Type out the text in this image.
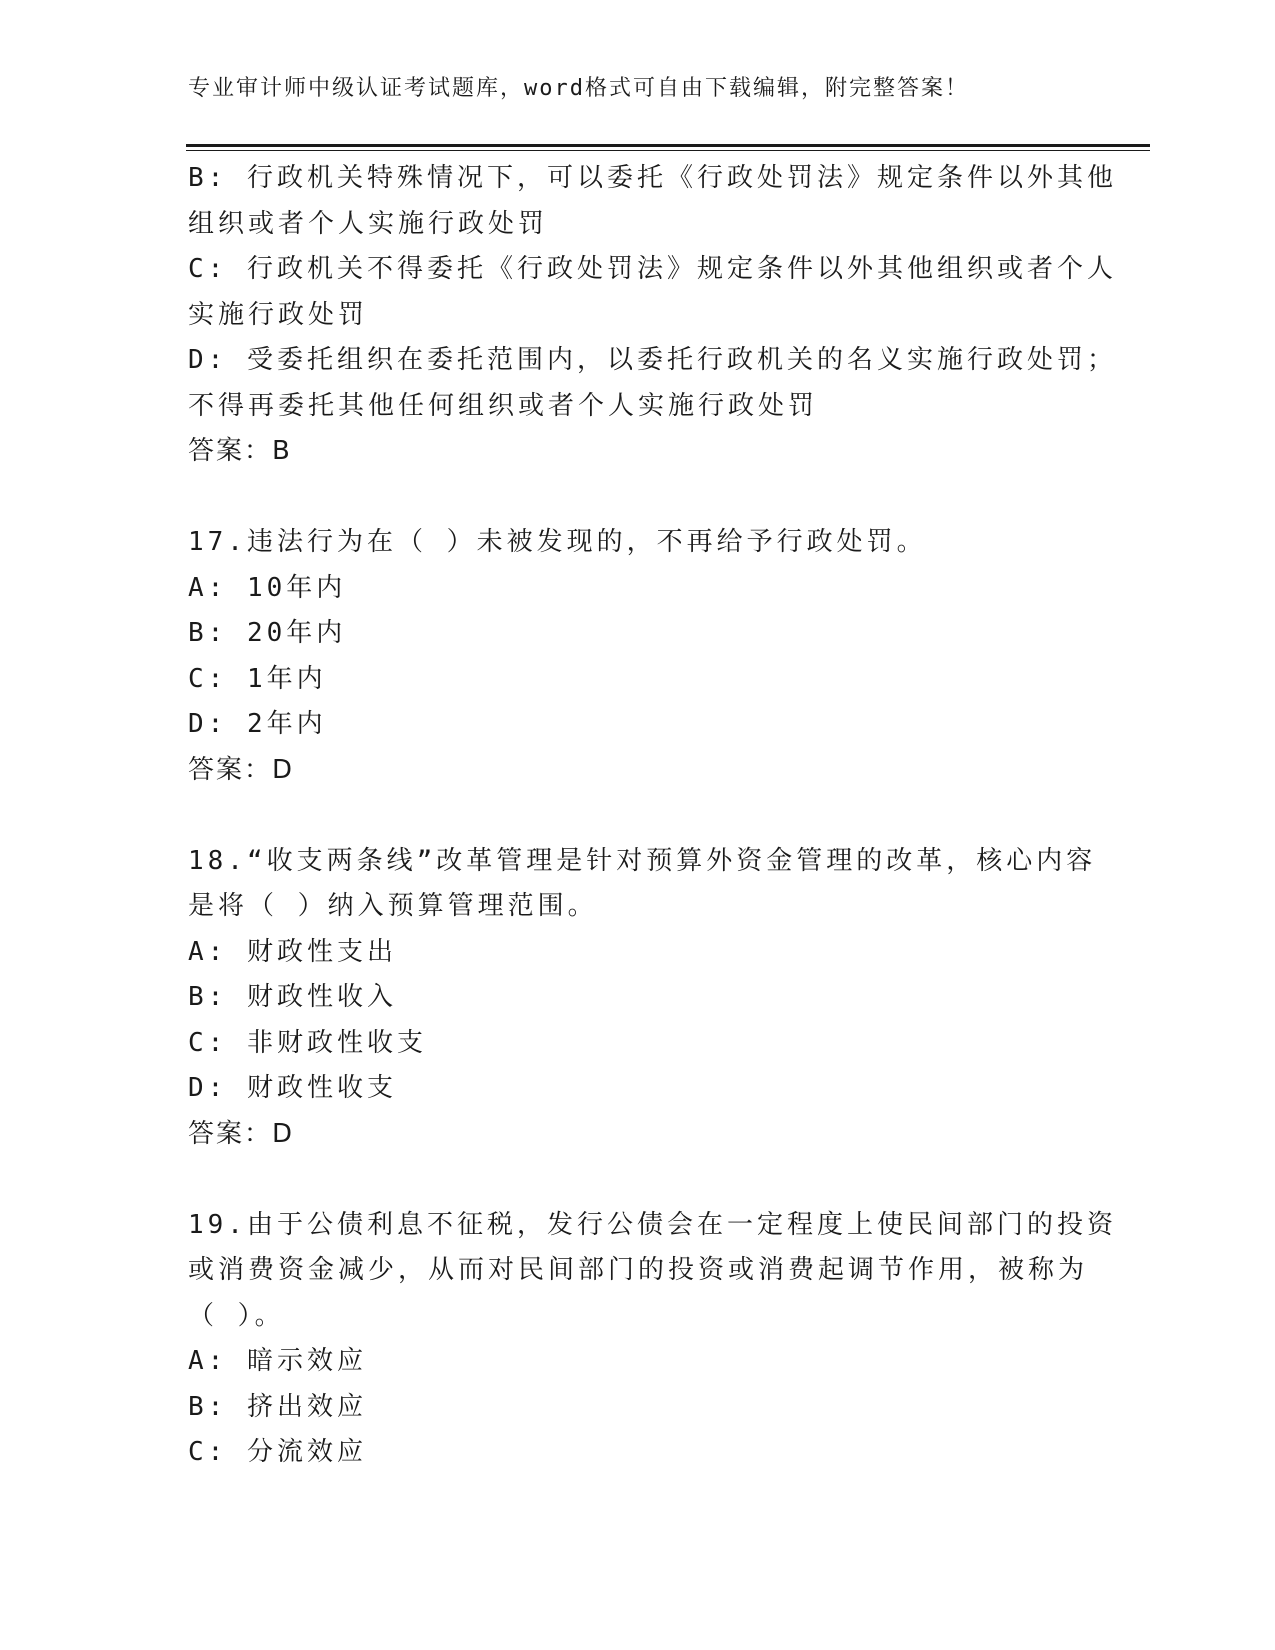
专业审计师中级认证考试题库，word格式可自由下载编辑，附完整答案！
B: 行政机关特殊情况下，可以委托《行政处罚法》规定条件以外其他
组织或者个人实施行政处罚
C: 行政机关不得委托《行政处罚法》规定条件以外其他组织或者个人
实施行政处罚
D: 受委托组织在委托范围内，以委托行政机关的名义实施行政处罚；
不得再委托其他任何组织或者个人实施行政处罚
答案：B
17.违法行为在（ ）未被发现的，不再给予行政处罚。
A: 10年内
B: 20年内
C: 1年内
D: 2年内
答案：D
18.“收支两条线”改革管理是针对预算外资金管理的改革，核心内容
是将（ ）纳入预算管理范围。
A: 财政性支出
B: 财政性收入
C: 非财政性收支
D: 财政性收支
答案：D
19.由于公债利息不征税，发行公债会在一定程度上使民间部门的投资
或消费资金减少，从而对民间部门的投资或消费起调节作用，被称为
（ ）。
A: 暗示效应
B: 挤出效应
C: 分流效应
